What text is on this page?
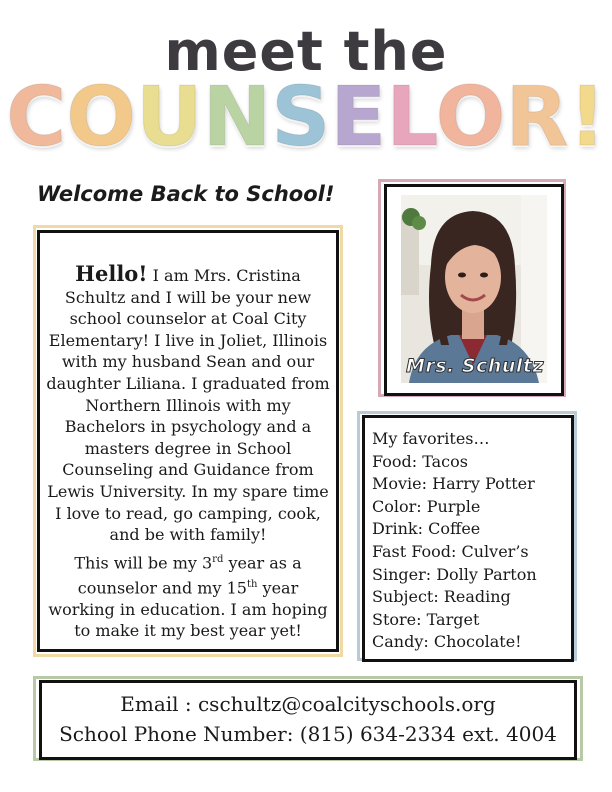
meet the
COUNSELOR!
Welcome Back to School!
Hello! I am Mrs. Cristina Schultz and I will be your new school counselor at Coal City Elementary! I live in Joliet, Illinois with my husband Sean and our daughter Liliana. I graduated from Northern Illinois with my Bachelors in psychology and a masters degree in School Counseling and Guidance from Lewis University. In my spare time I love to read, go camping, cook, and be with family!
This will be my 3rd year as a counselor and my 15th year working in education. I am hoping to make it my best year yet!
Mrs. Schultz
My favorites…
Food: Tacos
Movie: Harry Potter
Color: Purple
Drink: Coffee
Fast Food: Culver’s
Singer: Dolly Parton
Subject: Reading
Store: Target
Candy: Chocolate!
Email : cschultz@coalcityschools.org
School Phone Number: (815) 634-2334 ext. 4004
